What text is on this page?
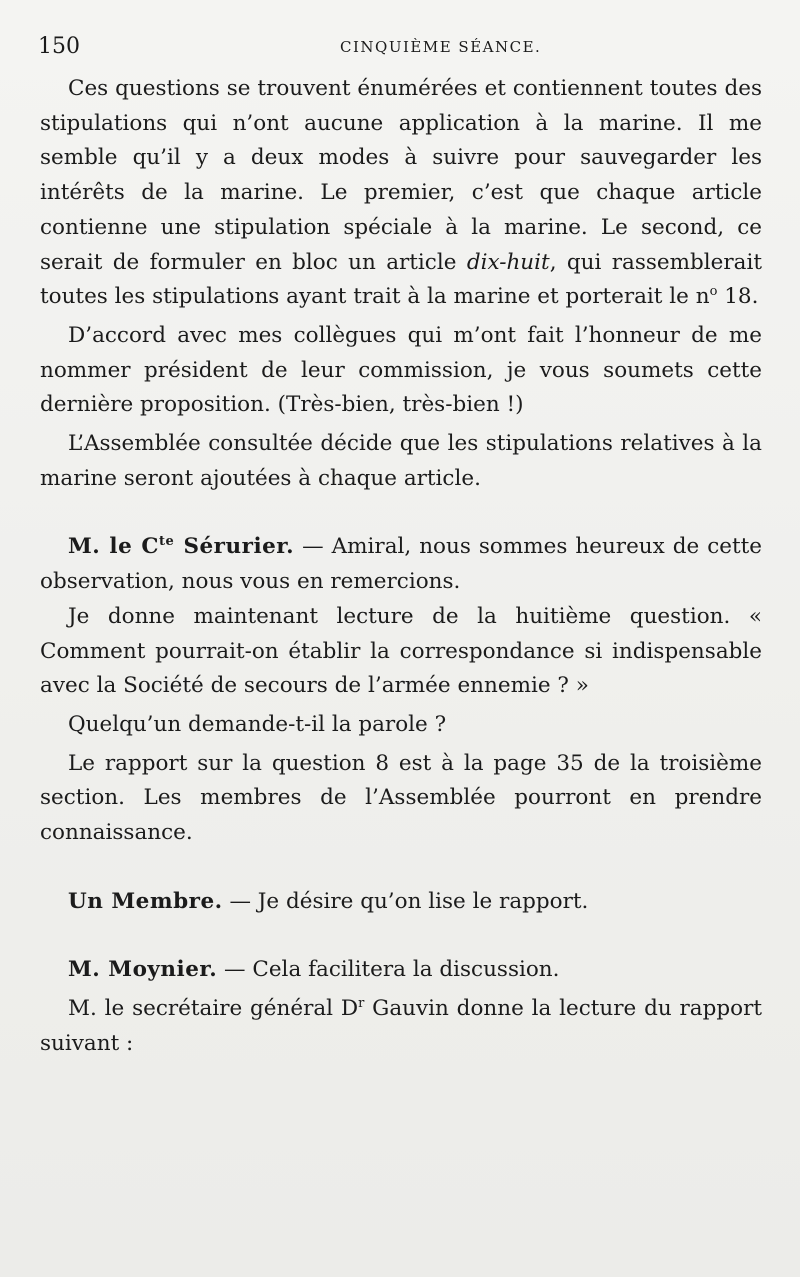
150	CINQUIÈME SÉANCE.

Ces questions se trouvent énumérées et contiennent toutes des stipulations qui n’ont aucune application à la marine. Il me semble qu’il y a deux modes à suivre pour sauvegarder les intérêts de la marine. Le premier, c’est que chaque article contienne une stipulation spéciale à la marine. Le second, ce serait de formuler en bloc un article dix-huit, qui rassemblerait toutes les stipulations ayant trait à la marine et porterait le $n^o$ 18.

D’accord avec mes collègues qui m’ont fait l’honneur de me nommer président de leur commission, je vous soumets cette dernière proposition. (Très-bien, très-bien !)

L’Assemblée consultée décide que les stipulations relatives à la marine seront ajoutées à chaque article.

M. le $C^{te}$ Sérurier. — Amiral, nous sommes heureux de cette observation, nous vous en remercions.

Je donne maintenant lecture de la huitième question. « Comment pourrait-on établir la correspondance si indispensable avec la Société de secours de l’armée ennemie ? »

Quelqu’un demande-t-il la parole ?

Le rapport sur la question 8 est à la page 35 de la troisième section. Les membres de l’Assemblée pourront en prendre connaissance.

Un Membre. — Je désire qu’on lise le rapport.

M. Moynier. — Cela facilitera la discussion.

M. le secrétaire général $D^r$ Gauvin donne la lecture du rapport suivant :
